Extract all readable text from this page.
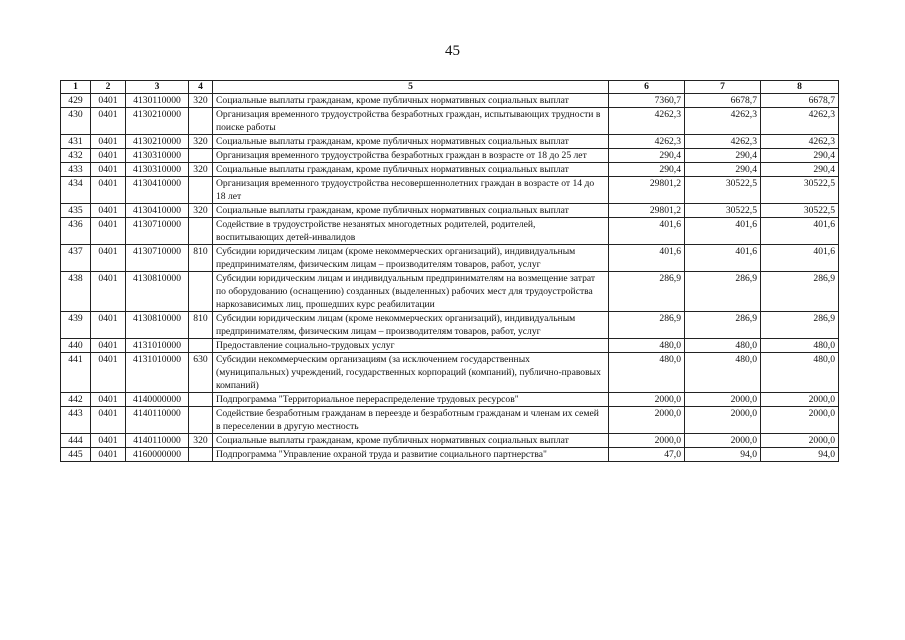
45
1	2	3	4	5	6	7	8
429	0401	4130110000	320	Социальные выплаты гражданам, кроме публичных нормативных социальных выплат	7360,7	6678,7	6678,7
430	0401	4130210000		Организация временного трудоустройства безработных граждан, испытывающих трудности в поиске работы	4262,3	4262,3	4262,3
431	0401	4130210000	320	Социальные выплаты гражданам, кроме публичных нормативных социальных выплат	4262,3	4262,3	4262,3
432	0401	4130310000		Организация временного трудоустройства безработных граждан в возрасте от 18 до 25 лет	290,4	290,4	290,4
433	0401	4130310000	320	Социальные выплаты гражданам, кроме публичных нормативных социальных выплат	290,4	290,4	290,4
434	0401	4130410000		Организация временного трудоустройства несовершеннолетних граждан в возрасте от 14 до 18 лет	29801,2	30522,5	30522,5
435	0401	4130410000	320	Социальные выплаты гражданам, кроме публичных нормативных социальных выплат	29801,2	30522,5	30522,5
436	0401	4130710000		Содействие в трудоустройстве незанятых многодетных родителей, родителей, воспитывающих детей-инвалидов	401,6	401,6	401,6
437	0401	4130710000	810	Субсидии юридическим лицам (кроме некоммерческих организаций), индивидуальным предпринимателям, физическим лицам – производителям товаров, работ, услуг	401,6	401,6	401,6
438	0401	4130810000		Субсидии юридическим лицам и индивидуальным предпринимателям на возмещение затрат по оборудованию (оснащению) созданных (выделенных) рабочих мест для трудоустройства наркозависимых лиц, прошедших курс реабилитации	286,9	286,9	286,9
439	0401	4130810000	810	Субсидии юридическим лицам (кроме некоммерческих организаций), индивидуальным предпринимателям, физическим лицам – производителям товаров, работ, услуг	286,9	286,9	286,9
440	0401	4131010000		Предоставление социально-трудовых услуг	480,0	480,0	480,0
441	0401	4131010000	630	Субсидии некоммерческим организациям (за исключением государственных (муниципальных) учреждений, государственных корпораций (компаний), публично-правовых компаний)	480,0	480,0	480,0
442	0401	4140000000		Подпрограмма "Территориальное перераспределение трудовых ресурсов"	2000,0	2000,0	2000,0
443	0401	4140110000		Содействие безработным гражданам в переезде и безработным гражданам и членам их семей в переселении в другую местность	2000,0	2000,0	2000,0
444	0401	4140110000	320	Социальные выплаты гражданам, кроме публичных нормативных социальных выплат	2000,0	2000,0	2000,0
445	0401	4160000000		Подпрограмма "Управление охраной труда и развитие социального партнерства"	47,0	94,0	94,0
